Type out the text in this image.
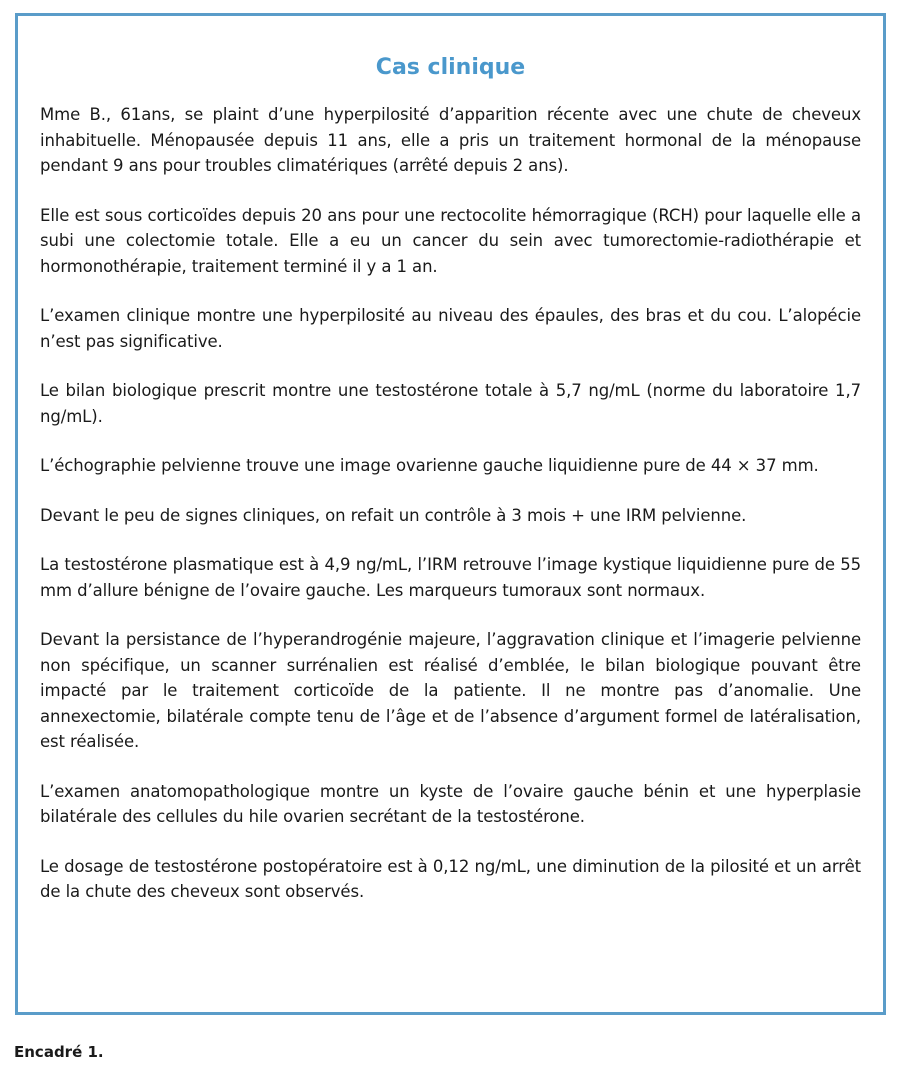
Cas clinique

Mme B., 61ans, se plaint d’une hyperpilosité d’apparition récente avec une chute de cheveux inhabituelle. Ménopausée depuis 11 ans, elle a pris un traitement hormonal de la ménopause pendant 9 ans pour troubles climatériques (arrêté depuis 2 ans).

Elle est sous corticoïdes depuis 20 ans pour une rectocolite hémorragique (RCH) pour laquelle elle a subi une colectomie totale. Elle a eu un cancer du sein avec tumorectomie-radiothérapie et hormonothérapie, traitement terminé il y a 1 an.

L’examen clinique montre une hyperpilosité au niveau des épaules, des bras et du cou. L’alopécie n’est pas significative.

Le bilan biologique prescrit montre une testostérone totale à 5,7 ng/mL (norme du laboratoire 1,7 ng/mL).

L’échographie pelvienne trouve une image ovarienne gauche liquidienne pure de 44 × 37 mm.

Devant le peu de signes cliniques, on refait un contrôle à 3 mois + une IRM pelvienne.

La testostérone plasmatique est à 4,9 ng/mL, l’IRM retrouve l’image kystique liquidienne pure de 55 mm d’allure bénigne de l’ovaire gauche. Les marqueurs tumoraux sont normaux.

Devant la persistance de l’hyperandrogénie majeure, l’aggravation clinique et l’imagerie pelvienne non spécifique, un scanner surrénalien est réalisé d’emblée, le bilan biologique pouvant être impacté par le traitement corticoïde de la patiente. Il ne montre pas d’anomalie. Une annexectomie, bilatérale compte tenu de l’âge et de l’absence d’argument formel de latéralisation, est réalisée.

L’examen anatomopathologique montre un kyste de l’ovaire gauche bénin et une hyperplasie bilatérale des cellules du hile ovarien secrétant de la testostérone.

Le dosage de testostérone postopératoire est à 0,12 ng/mL, une diminution de la pilosité et un arrêt de la chute des cheveux sont observés.

Encadré 1.
